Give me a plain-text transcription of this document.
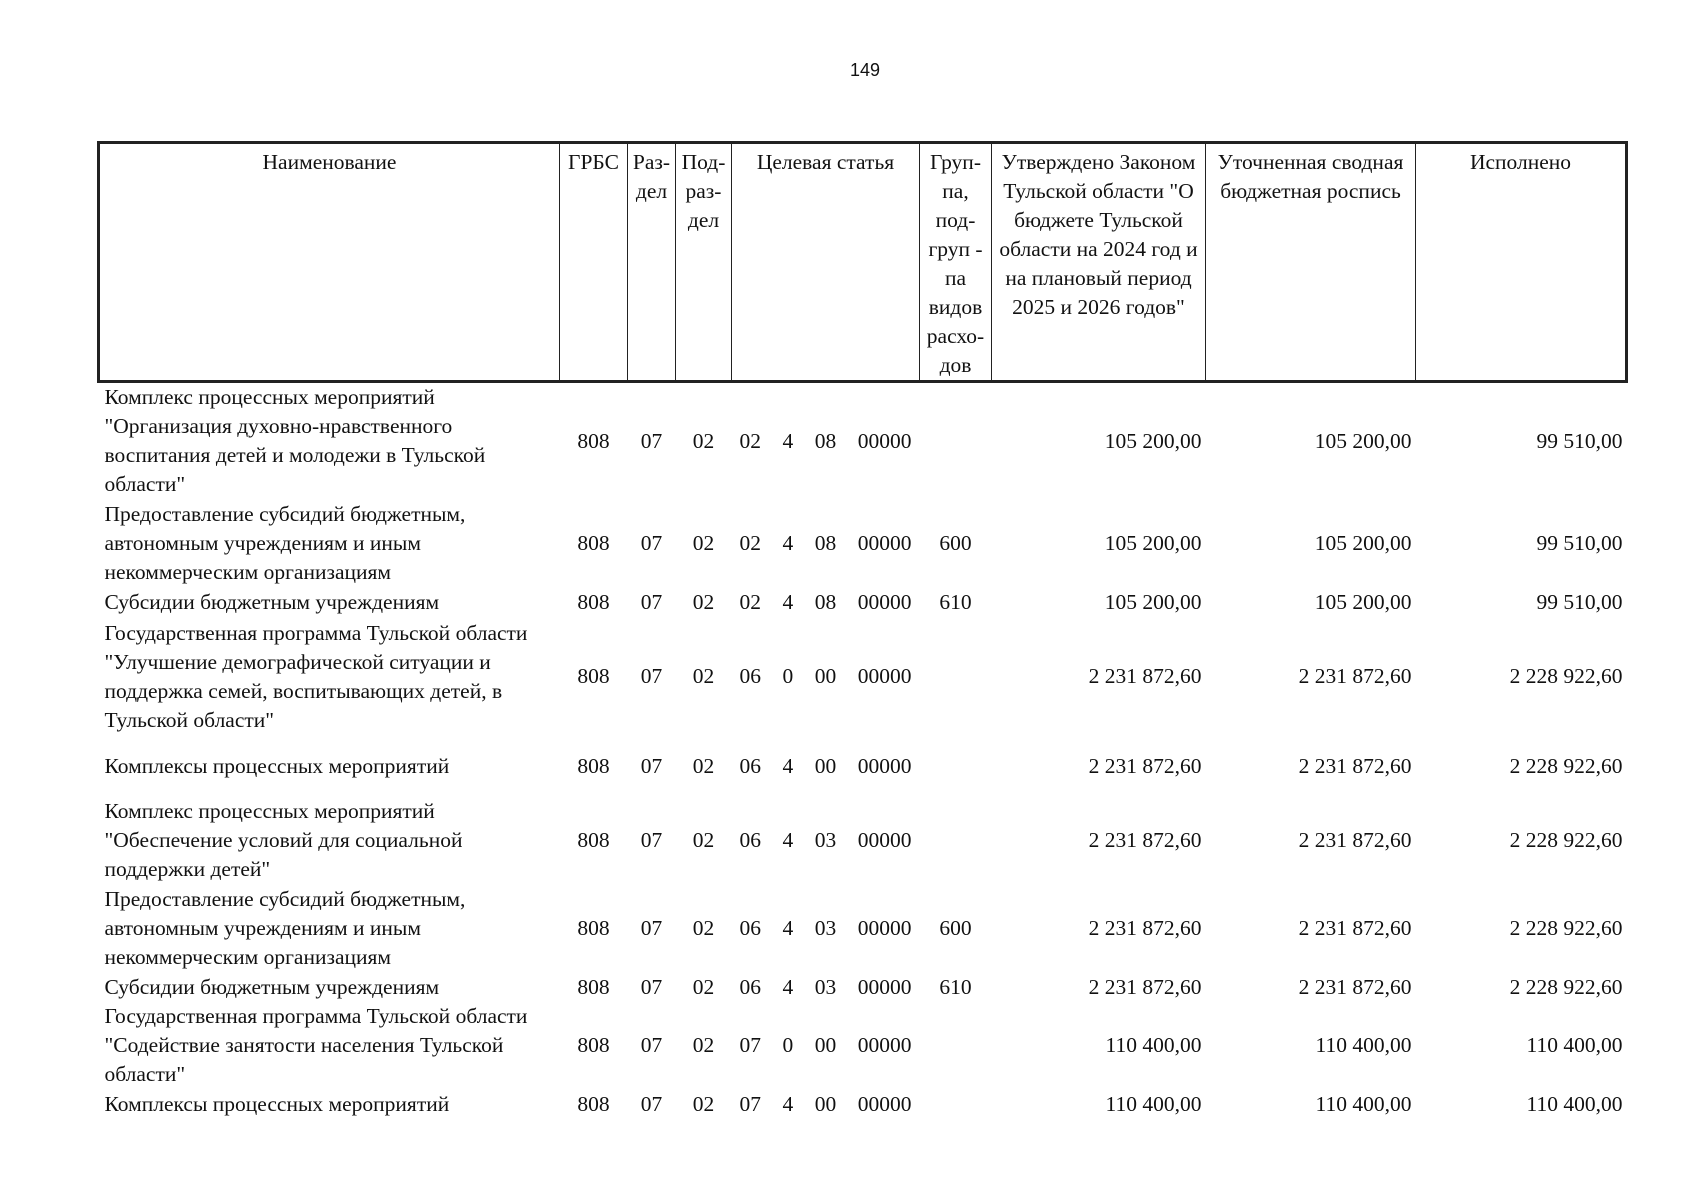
149
Наименование	ГРБС	Раз-дел	Под-раз-дел	Целевая статья	Груп-па, под-груп - па видов расхо-дов	Утверждено Законом Тульской области "О бюджете Тульской области на 2024 год и на плановый период 2025 и 2026 годов"	Уточненная сводная бюджетная роспись	Исполнено
Комплекс процессных мероприятий "Организация духовно-нравственного воспитания детей и молодежи в Тульской области"	808	07	02	02 4 08 00000		105 200,00	105 200,00	99 510,00
Предоставление субсидий бюджетным, автономным учреждениям и иным некоммерческим организациям	808	07	02	02 4 08 00000	600	105 200,00	105 200,00	99 510,00
Субсидии бюджетным учреждениям	808	07	02	02 4 08 00000	610	105 200,00	105 200,00	99 510,00
Государственная программа Тульской области "Улучшение демографической ситуации и поддержка семей, воспитывающих детей, в Тульской области"	808	07	02	06 0 00 00000		2 231 872,60	2 231 872,60	2 228 922,60
Комплексы процессных мероприятий	808	07	02	06 4 00 00000		2 231 872,60	2 231 872,60	2 228 922,60
Комплекс процессных мероприятий "Обеспечение условий для социальной поддержки детей"	808	07	02	06 4 03 00000		2 231 872,60	2 231 872,60	2 228 922,60
Предоставление субсидий бюджетным, автономным учреждениям и иным некоммерческим организациям	808	07	02	06 4 03 00000	600	2 231 872,60	2 231 872,60	2 228 922,60
Субсидии бюджетным учреждениям	808	07	02	06 4 03 00000	610	2 231 872,60	2 231 872,60	2 228 922,60
Государственная программа Тульской области "Содействие занятости населения Тульской области"	808	07	02	07 0 00 00000		110 400,00	110 400,00	110 400,00
Комплексы процессных мероприятий	808	07	02	07 4 00 00000		110 400,00	110 400,00	110 400,00
